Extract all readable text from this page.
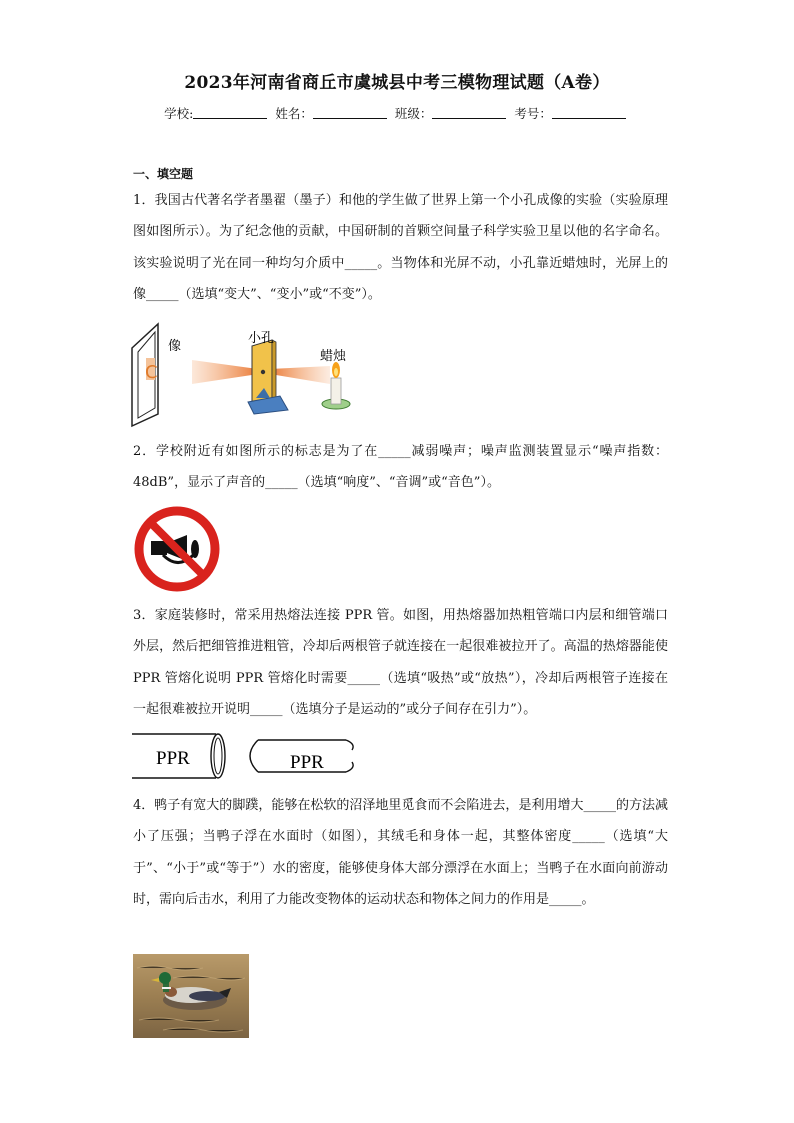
2023年河南省商丘市虞城县中考三模物理试题（A卷）
学校:	姓名：	班级：	考号：
一、填空题
1．我国古代著名学者墨翟（墨子）和他的学生做了世界上第一个小孔成像的实验（实验原理图如图所示）。为了纪念他的贡献，中国研制的首颗空间量子科学实验卫星以他的名字命名。该实验说明了光在同一种均匀介质中_____。当物体和光屏不动，小孔靠近蜡烛时，光屏上的像_____（选填“变大”、“变小”或“不变”）。
C
像
小孔
蜡烛
2．学校附近有如图所示的标志是为了在_____减弱噪声；噪声监测装置显示“噪声指数：48dB”，显示了声音的_____（选填“响度”、“音调”或“音色”）。
3．家庭装修时，常采用热熔法连接 PPR 管。如图，用热熔器加热粗管端口内层和细管端口外层，然后把细管推进粗管，冷却后两根管子就连接在一起很难被拉开了。高温的热熔器能使 PPR 管熔化说明 PPR 管熔化时需要_____（选填“吸热”或“放热”），冷却后两根管子连接在一起很难被拉开说明_____（选填分子是运动的”或分子间存在引力”）。
PPR	PPR
4．鸭子有宽大的脚蹼，能够在松软的沼泽地里觅食而不会陷进去，是利用增大_____的方法减小了压强；当鸭子浮在水面时（如图），其绒毛和身体一起，其整体密度_____（选填“大于”、“小于”或“等于”）水的密度，能够使身体大部分漂浮在水面上；当鸭子在水面向前游动时，需向后击水，利用了力能改变物体的运动状态和物体之间力的作用是_____。
